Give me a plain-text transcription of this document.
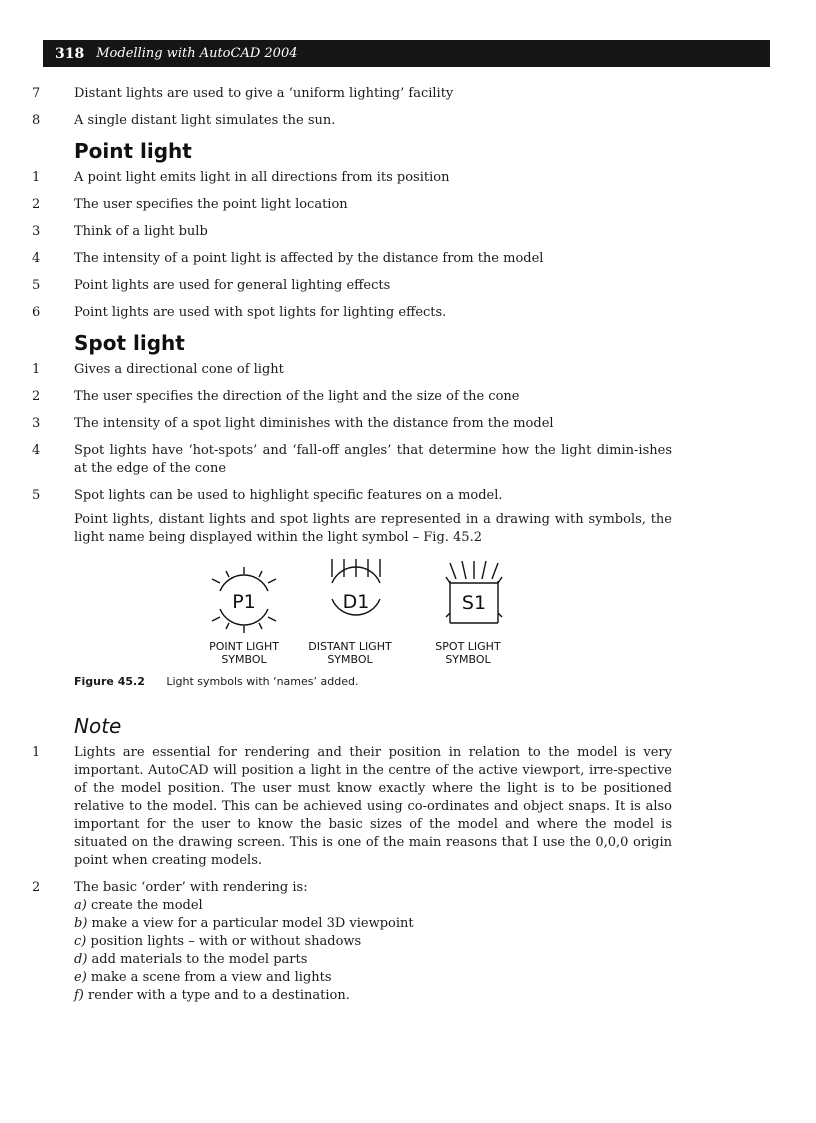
318 Modelling with AutoCAD 2004
7	Distant lights are used to give a ‘uniform lighting’ facility
8	A single distant light simulates the sun.
Point light
1	A point light emits light in all directions from its position
2	The user specifies the point light location
3	Think of a light bulb
4	The intensity of a point light is affected by the distance from the model
5	Point lights are used for general lighting effects
6	Point lights are used with spot lights for lighting effects.
Spot light
1	Gives a directional cone of light
2	The user specifies the direction of the light and the size of the cone
3	The intensity of a spot light diminishes with the distance from the model
4	Spot lights have ‘hot-spots’ and ‘fall-off angles’ that determine how the light dimin-ishes at the edge of the cone
5	Spot lights can be used to highlight specific features on a model.
Point lights, distant lights and spot lights are represented in a drawing with symbols, the light name being displayed within the light symbol – Fig. 45.2
P1	D1	S1
POINT LIGHT
SYMBOL
DISTANT LIGHT
SYMBOL
SPOT LIGHT
SYMBOL
Figure 45.2 Light symbols with ‘names’ added.
Note
1	Lights are essential for rendering and their position in relation to the model is very important. AutoCAD will position a light in the centre of the active viewport, irre-spective of the model position. The user must know exactly where the light is to be positioned relative to the model. This can be achieved using co-ordinates and object snaps. It is also important for the user to know the basic sizes of the model and where the model is situated on the drawing screen. This is one of the main reasons that I use the 0,0,0 origin point when creating models.
2	The basic ‘order’ with rendering is:
a) create the model
b) make a view for a particular model 3D viewpoint
c) position lights – with or without shadows
d) add materials to the model parts
e) make a scene from a view and lights
f) render with a type and to a destination.
